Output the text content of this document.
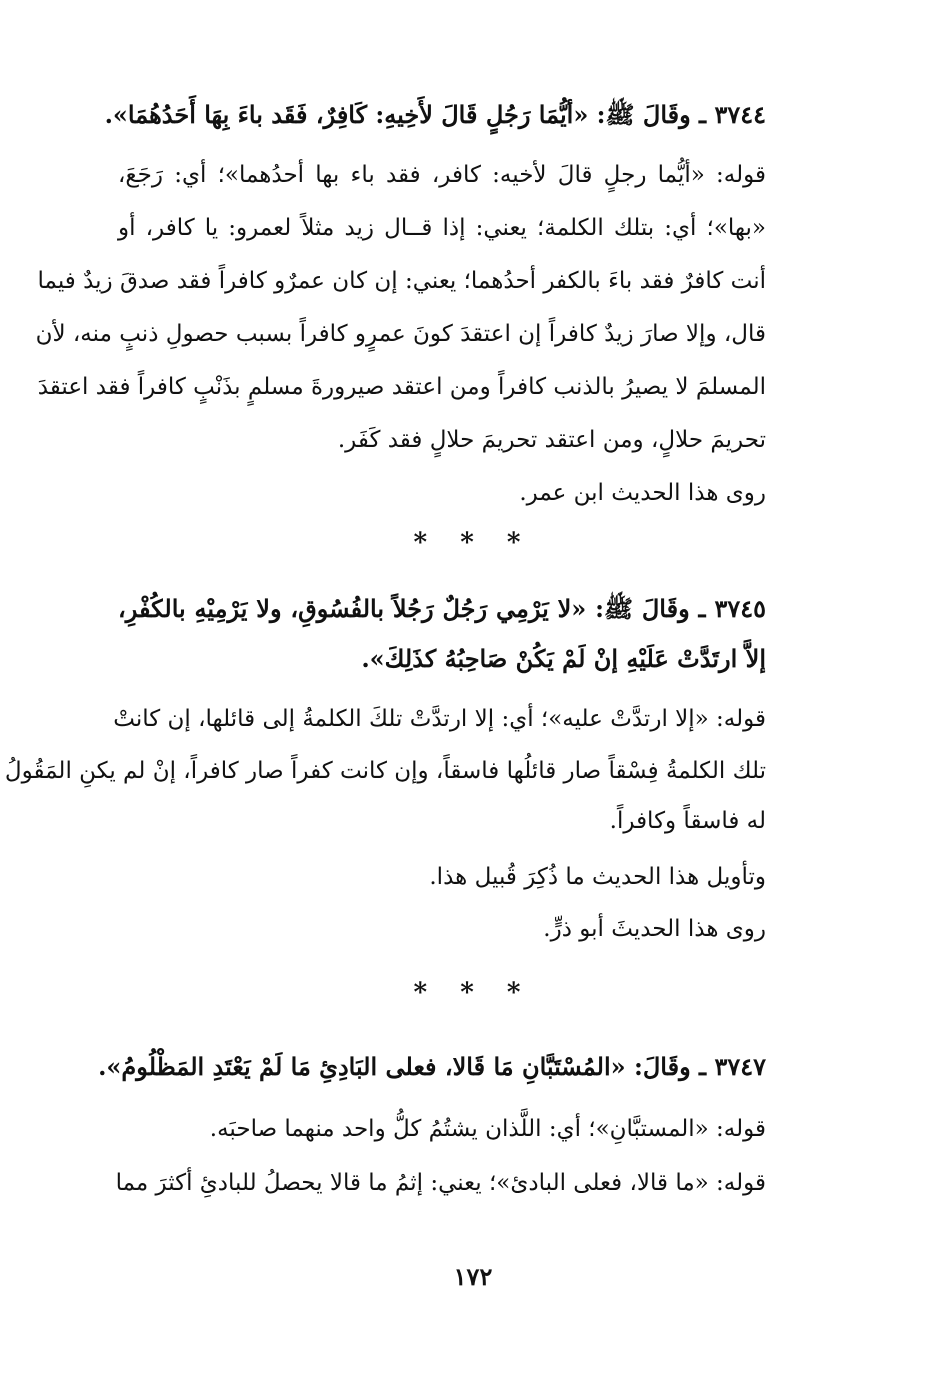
٣٧٤٤ ـ وقَالَ ﷺ: «أيُّمَا رَجُلٍ قَالَ لأَخِيهِ: كَافِرٌ، فَقَد باءَ بِهَا أَحَدُهُمَا».
قوله: «أيُّما رجلٍ قالَ لأخيه: كافر، فقد باء بها أحدُهما»؛ أي: رَجَعَ،
«بها»؛ أي: بتلك الكلمة؛ يعني: إذا قــال زيد مثلاً لعمرو: يا كافر، أو
أنت كافرٌ فقد باءَ بالكفر أحدُهما؛ يعني: إن كان عمرٌو كافراً فقد صدقَ زيدٌ فيما
قال، وإلا صارَ زيدٌ كافراً إن اعتقدَ كونَ عمرٍو كافراً بسبب حصولِ ذنبٍ منه، لأن
المسلمَ لا يصيرُ بالذنب كافراً ومن اعتقد صيرورةَ مسلمٍ بذَنْبٍ كافراً فقد اعتقدَ
تحريمَ حلالٍ، ومن اعتقد تحريمَ حلالٍ فقد كَفَر.
روى هذا الحديث ابن عمر.
* * *
٣٧٤٥ ـ وقَالَ ﷺ: «لا يَرْمِي رَجُلٌ رَجُلاً بالفُسُوقِ، ولا يَرْمِيْهِ بالكُفْرِ،
إلاَّ ارتَدَّتْ عَلَيْهِ إنْ لَمْ يَكُنْ صَاحِبُهُ كذَلِكَ».
قوله: «إلا ارتدَّتْ عليه»؛ أي: إلا ارتدَّتْ تلكَ الكلمةُ إلى قائلها، إن كانتْ
تلك الكلمةُ فِسْقاً صار قائلُها فاسقاً، وإن كانت كفراً صار كافراً، إنْ لم يكنِ المَقُولُ
له فاسقاً وكافراً.
وتأويل هذا الحديث ما ذُكِرَ قُبيل هذا.
روى هذا الحديثَ أبو ذرٍّ.
* * *
٣٧٤٧ ـ وقَالَ: «المُسْتَبَّانِ مَا قَالا، فعلى البَادِئِ مَا لَمْ يَعْتَدِ المَظْلُومُ».
قوله: «المستبَّانِ»؛ أي: اللَّذان يشتُمُ كلُّ واحد منهما صاحبَه.
قوله: «ما قالا، فعلى البادئ»؛ يعني: إثمُ ما قالا يحصلُ للبادئِ أكثرَ مما
١٧٢
